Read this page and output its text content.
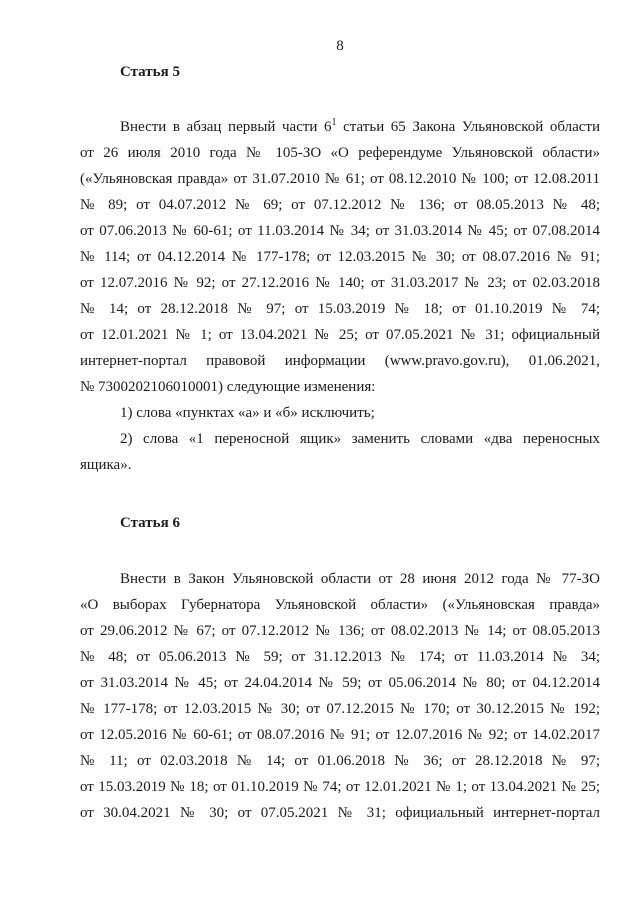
8
Статья 5
Внести в абзац первый части $6^1$ статьи 65 Закона Ульяновской области
от 26 июля 2010 года № 105-ЗО «О референдуме Ульяновской области»
(«Ульяновская правда» от 31.07.2010 № 61; от 08.12.2010 № 100; от 12.08.2011
№ 89; от 04.07.2012 № 69; от 07.12.2012 № 136; от 08.05.2013 № 48;
от 07.06.2013 № 60-61; от 11.03.2014 № 34; от 31.03.2014 № 45; от 07.08.2014
№ 114; от 04.12.2014 № 177-178; от 12.03.2015 № 30; от 08.07.2016 № 91;
от 12.07.2016 № 92; от 27.12.2016 № 140; от 31.03.2017 № 23; от 02.03.2018
№ 14; от 28.12.2018 № 97; от 15.03.2019 № 18; от 01.10.2019 № 74;
от 12.01.2021 № 1; от 13.04.2021 № 25; от 07.05.2021 № 31; официальный
интернет-портал правовой информации (www.pravo.gov.ru), 01.06.2021,
№ 7300202106010001) следующие изменения:
1) слова «пунктах «а» и «б» исключить;
2) слова «1 переносной ящик» заменить словами «два переносных
ящика».
Статья 6
Внести в Закон Ульяновской области от 28 июня 2012 года № 77-ЗО
«О выборах Губернатора Ульяновской области» («Ульяновская правда»
от 29.06.2012 № 67; от 07.12.2012 № 136; от 08.02.2013 № 14; от 08.05.2013
№ 48; от 05.06.2013 № 59; от 31.12.2013 № 174; от 11.03.2014 № 34;
от 31.03.2014 № 45; от 24.04.2014 № 59; от 05.06.2014 № 80; от 04.12.2014
№ 177-178; от 12.03.2015 № 30; от 07.12.2015 № 170; от 30.12.2015 № 192;
от 12.05.2016 № 60-61; от 08.07.2016 № 91; от 12.07.2016 № 92; от 14.02.2017
№ 11; от 02.03.2018 № 14; от 01.06.2018 № 36; от 28.12.2018 № 97;
от 15.03.2019 № 18; от 01.10.2019 № 74; от 12.01.2021 № 1; от 13.04.2021 № 25;
от 30.04.2021 № 30; от 07.05.2021 № 31; официальный интернет-портал
